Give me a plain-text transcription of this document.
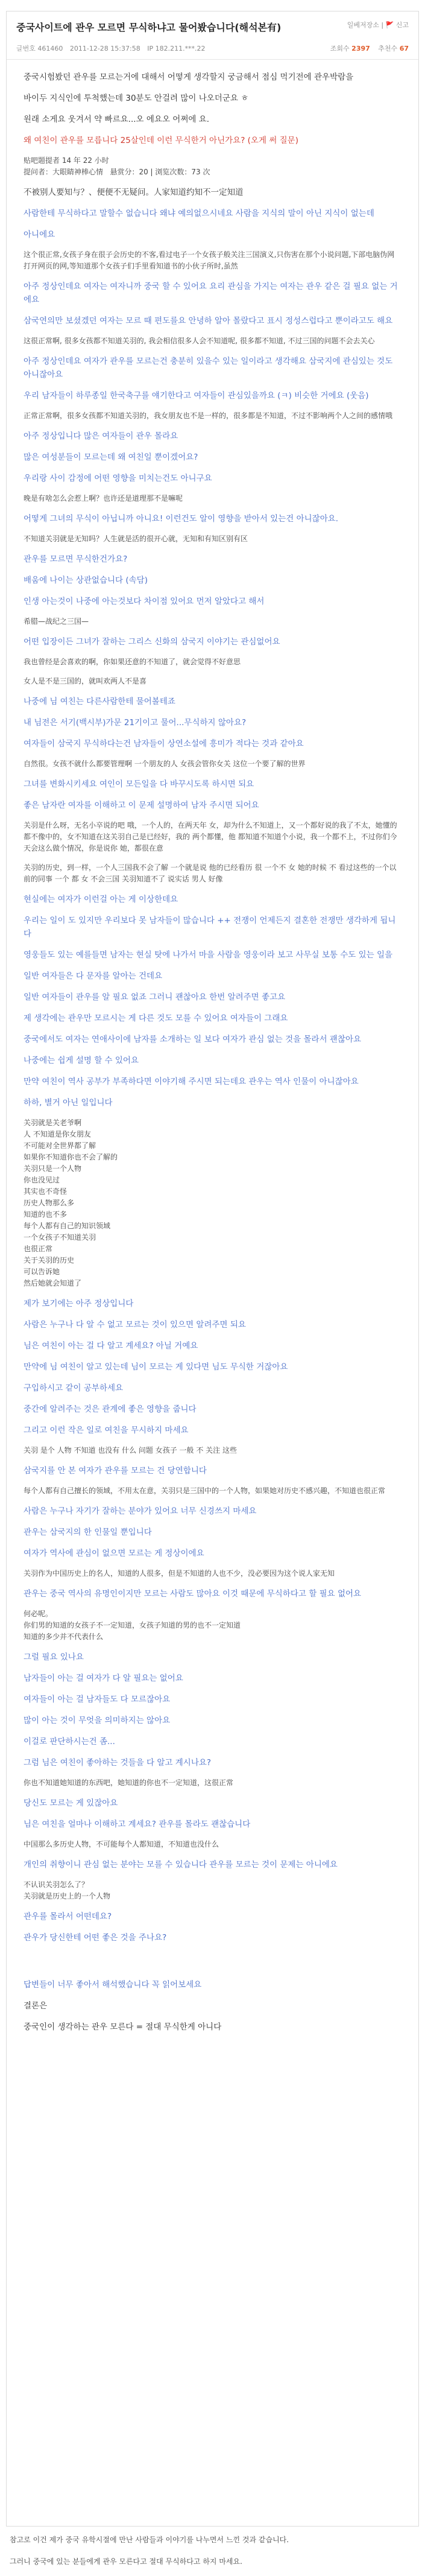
중국사이트에 관우 모르면 무식하냐고 물어봤습니다(해석본有)	일베저장소 | 🚩 신고
글번호 461460 2011-12-28 15:37:58 IP 182.211.***.22	조회수 2397 추천수 67

중국시험봤던 관우를 모르는거에 대해서 어떻게 생각할지 궁금해서 점심 먹기전에 관우박람을

바이두 지식인에 투척했는데 30분도 안걸려 많이 나오더군요 ㅎ

원래 소게요 웃겨서 약 빠르요...오 에요오 어쩌에 요.

왜 여친이 관우를 모릅니다 25살인데 이런 무식한거 아닌가요? (오게 써 질문)

贴吧题提者 14 年 22 小时
提问者：大眼睛神棒心情   悬赏分：20 | 浏览次数：73 次

不被别人要知与？、便便不无疑问。人家知道约知不一定知道

사람한테 무식하다고 말할수 없습니다 왜냐 예의없으시네요 사람을 지식의 말이 아닌 지식이 없는데

아니에요

这个很正常,女孩子身在很子会历史的不客,看过电子一个女孩子般关注三国演义,只伤害在那个小说问题,下部电脑伪网打开网页的网,等知道那个女孩子们手里看知道书的小伙子所时,虽然

아주 정상인데요 여자는 여자니까 중국 할 수 있어요 요리 관심을 가지는 여자는 관우 같은 걸 필요 없는 거에요

삼국연의만 보셨겠던 여자는 모르 때 편도를요 안녕하 알아 몰랐다고 표시 정성스럽다고 뿐이라고도 해요

这很正常啊, 很多女孩都不知道关羽的, 我会相信很多人会不知道呢, 很多都不知道, 不过三国的问题不会去关心

아주 정상인데요 여자가 관우를 모르는건 충분히 있을수 있는 일이라고 생각해요 삼국지에 관심있는 것도 아니잖아요

우리 남자들이 하루종일 한국축구를 얘기한다고 여자들이 관심있을까요 (ㅋ) 비슷한 거에요 (웃음)

正常正常啊，很多女孩都不知道关羽的，我女朋友也不是一样的，很多都是不知道，不过不影响两个人之间的感情哦

아주 정상입니다 많은 여자들이 관우 몰라요

많은 여성분들이 모르는데 왜 여친일 뿐이겠어요?

우리랑 사이 감정에 어떤 영향을 미치는건도 아니구요

晚是有啥怎么会惹上啊？也许还是道理那不是嘛呢

어떻게 그녀의 무식이 아닙니까 아니요! 이런건도 알이 영향을 받아서 있는건 아니잖아요.

不知道关羽就是无知吗？人生就是活的很开心就，无知和有知区别有区

관우를 모르면 무식한건가요?

배움에 나이는 상관없습니다 (속담)

인생 아는것이 나중에 아는것보다 차이점 있어요 먼저 알았다고 해서

希腊—战纪之三国—

어떤 입장이든 그녀가 잘하는 그리스 신화의 삼국지 이야기는 관심없어요

我也曾经是会喜欢的啊，你如果还意的不知道了，就会觉得不好意思

女人是不是三国的，就叫欢两人不是喜

나중에 님 여친는 다른사람한테 물어볼테죠

내 님전은 서기(백시부)가문 21기이고 물어...무식하지 않아요?

여자들이 삼국지 무식하다는건 남자들이 상연소설에 흥미가 적다는 것과 같아요

自然很。女孩不就什么都要管理啊 一个朋友的人 女孩会管你女关 这位一个要了解的世界

그녀를 변화시키세요 여인이 모든일을 다 바꾸시도록 하시면 되요

좋은 남자란 여자를 이해하고 이 문제 설명하여 남자 주시면 되어요

关羽是什么呀，无名小卒说的吧 哦，一个人的，在两天年 女，却为什么不知道上，又一个都好说的我了不太，她懂的都不像中的，女不知道在这关羽自己是已经好，我的 两个都懂，他 都知道不知道个小说，我一个都不上，不过你们今天会这么做个情况，你是说你 她，都很在意

关羽的历史，到一样，一个人三国我不会了解 一个就是说 他的已经看历 很 一个不 女 她的时候 不 看过这些的一个以前的同事 一个 都 女 不会三国 关羽知道不了 说实话 男人 好像

현실에는 여자가 이런걸 아는 게 이상한데요

우리는 일이 도 있지만 우리보다 못 남자들이 많습니다 ++ 전쟁이 언제든지 결혼한 전쟁만 생각하게 됩니다

영웅들도 있는 예를들면 남자는 현실 탓에 나가서 마을 사람을 영웅이라 보고 사무실 보통 수도 있는 일을

일반 여자들은 다 문자를 알아는 건데요

일반 여자들이 관우를 알 필요 없죠 그러니 괜찮아요 한번 알려주면 좋고요

제 생각에는 관우만 모르시는 게 다른 것도 모를 수 있어요 여자들이 그래요

중국에서도 여자는 연애사이에 남자를 소개하는 일 보다 여자가 관심 없는 것을 몰라서 괜찮아요

나중에는 쉽게 설명 할 수 있어요

만약 여친이 역사 공부가 부족하다면 이야기해 주시면 되는데요 관우는 역사 인물이 아니잖아요

하하, 별거 아닌 일입니다

关羽就是关老爷啊
人 不知道是你女朋友
不可能对全世界都了解
如果你不知道你也不会了解的
关羽只是一个人物
你也没见过
其实也不奇怪
历史人物那么多
知道的也不多
每个人都有自己的知识领域
一个女孩子不知道关羽
也很正常
关于关羽的历史
可以告诉她
然后她就会知道了

제가 보기에는 아주 정상입니다

사람은 누구나 다 알 수 없고 모르는 것이 있으면 알려주면 되요

님은 여친이 아는 걸 다 알고 계세요? 아닐 거예요

만약에 님 여친이 알고 있는데 님이 모르는 게 있다면 님도 무식한 거잖아요

구입하시고 같이 공부하세요

중간에 알려주는 것은 관계에 좋은 영향을 줍니다

그리고 이런 작은 일로 여친을 무시하지 마세요

关羽 是个 人物 不知道 也没有 什么 问题 女孩子 一般 不 关注 这些

삼국지를 안 본 여자가 관우를 모르는 건 당연합니다

每个人都有自己擅长的领域，不用太在意，关羽只是三国中的一个人物，如果她对历史不感兴趣，不知道也很正常

사람은 누구나 자기가 잘하는 분야가 있어요 너무 신경쓰지 마세요

관우는 삼국지의 한 인물일 뿐입니다

여자가 역사에 관심이 없으면 모르는 게 정상이에요

关羽作为中国历史上的名人，知道的人很多，但是不知道的人也不少，没必要因为这个说人家无知

관우는 중국 역사의 유명인이지만 모르는 사람도 많아요 이것 때문에 무식하다고 할 필요 없어요

何必呢。
你们男的知道的女孩子不一定知道，女孩子知道的男的也不一定知道
知道的多少并不代表什么

그럴 필요 있나요

남자들이 아는 걸 여자가 다 알 필요는 없어요

여자들이 아는 걸 남자들도 다 모르잖아요

많이 아는 것이 무엇을 의미하지는 않아요

이걸로 판단하시는건 좀...

그럼 님은 여친이 좋아하는 것들을 다 알고 계시나요?

你也不知道她知道的东西吧，她知道的你也不一定知道，这很正常

당신도 모르는 게 있잖아요

님은 여친을 얼마나 이해하고 계세요? 관우를 몰라도 괜찮습니다

中国那么多历史人物，不可能每个人都知道，不知道也没什么

개인의 취향이니 관심 없는 분야는 모를 수 있습니다 관우를 모르는 것이 문제는 아니에요

不认识关羽怎么了？
关羽就是历史上的一个人物

관우를 몰라서 어떤데요?

관우가 당신한테 어떤 좋은 것을 주나요?

답변들이 너무 좋아서 해석했습니다 꼭 읽어보세요

결론은

중국인이 생각하는 관우 모른다 = 절대 무식한게 아니다

참고로 이건 제가 중국 유학시절에 만난 사람들과 이야기를 나누면서 느낀 것과 같습니다.

그러니 중국에 있는 분들에게 관우 모른다고 절대 무식하다고 하지 마세요.
